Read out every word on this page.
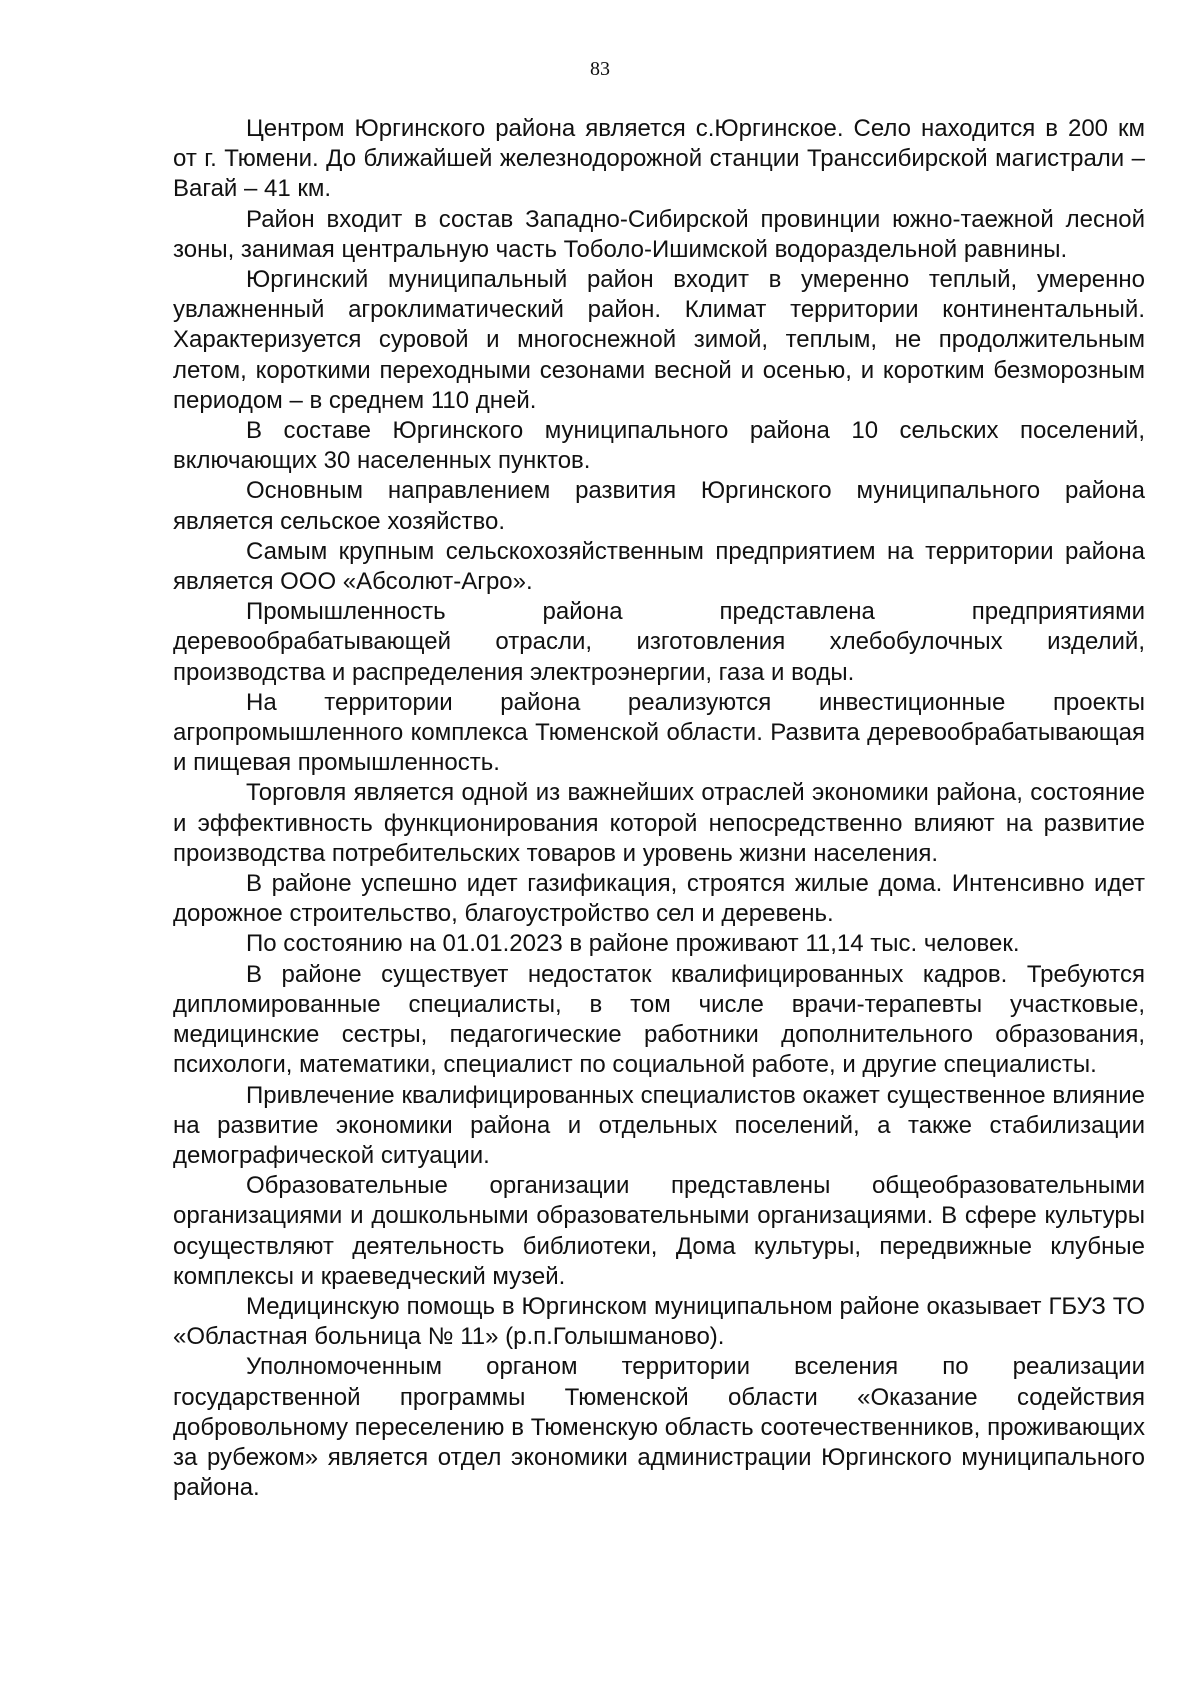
83

Центром Юргинского района является с.Юргинское. Село находится в 200 км от г. Тюмени. До ближайшей железнодорожной станции Транссибирской магистрали – Вагай – 41 км.

Район входит в состав Западно-Сибирской провинции южно-таежной лесной зоны, занимая центральную часть Тоболо-Ишимской водораздельной равнины.

Юргинский муниципальный район входит в умеренно теплый, умеренно увлажненный агроклиматический район. Климат территории континентальный. Характеризуется суровой и многоснежной зимой, теплым, не продолжительным летом, короткими переходными сезонами весной и осенью, и коротким безморозным периодом – в среднем 110 дней.

В составе Юргинского муниципального района 10 сельских поселений, включающих 30 населенных пунктов.

Основным направлением развития Юргинского муниципального района является сельское хозяйство.

Самым крупным сельскохозяйственным предприятием на территории района является ООО «Абсолют-Агро».

Промышленность района представлена предприятиями деревообрабатывающей отрасли, изготовления хлебобулочных изделий, производства и распределения электроэнергии, газа и воды.

На территории района реализуются инвестиционные проекты агропромышленного комплекса Тюменской области. Развита деревообрабатывающая и пищевая промышленность.

Торговля является одной из важнейших отраслей экономики района, состояние и эффективность функционирования которой непосредственно влияют на развитие производства потребительских товаров и уровень жизни населения.

В районе успешно идет газификация, строятся жилые дома. Интенсивно идет дорожное строительство, благоустройство сел и деревень.

По состоянию на 01.01.2023 в районе проживают 11,14 тыс. человек.

В районе существует недостаток квалифицированных кадров. Требуются дипломированные специалисты, в том числе врачи-терапевты участковые, медицинские сестры, педагогические работники дополнительного образования, психологи, математики, специалист по социальной работе, и другие специалисты.

Привлечение квалифицированных специалистов окажет существенное влияние на развитие экономики района и отдельных поселений, а также стабилизации демографической ситуации.

Образовательные организации представлены общеобразовательными организациями и дошкольными образовательными организациями. В сфере культуры осуществляют деятельность библиотеки, Дома культуры, передвижные клубные комплексы и краеведческий музей.

Медицинскую помощь в Юргинском муниципальном районе оказывает ГБУЗ ТО «Областная больница № 11» (р.п.Голышманово).

Уполномоченным органом территории вселения по реализации государственной программы Тюменской области «Оказание содействия добровольному переселению в Тюменскую область соотечественников, проживающих за рубежом» является отдел экономики администрации Юргинского муниципального района.
